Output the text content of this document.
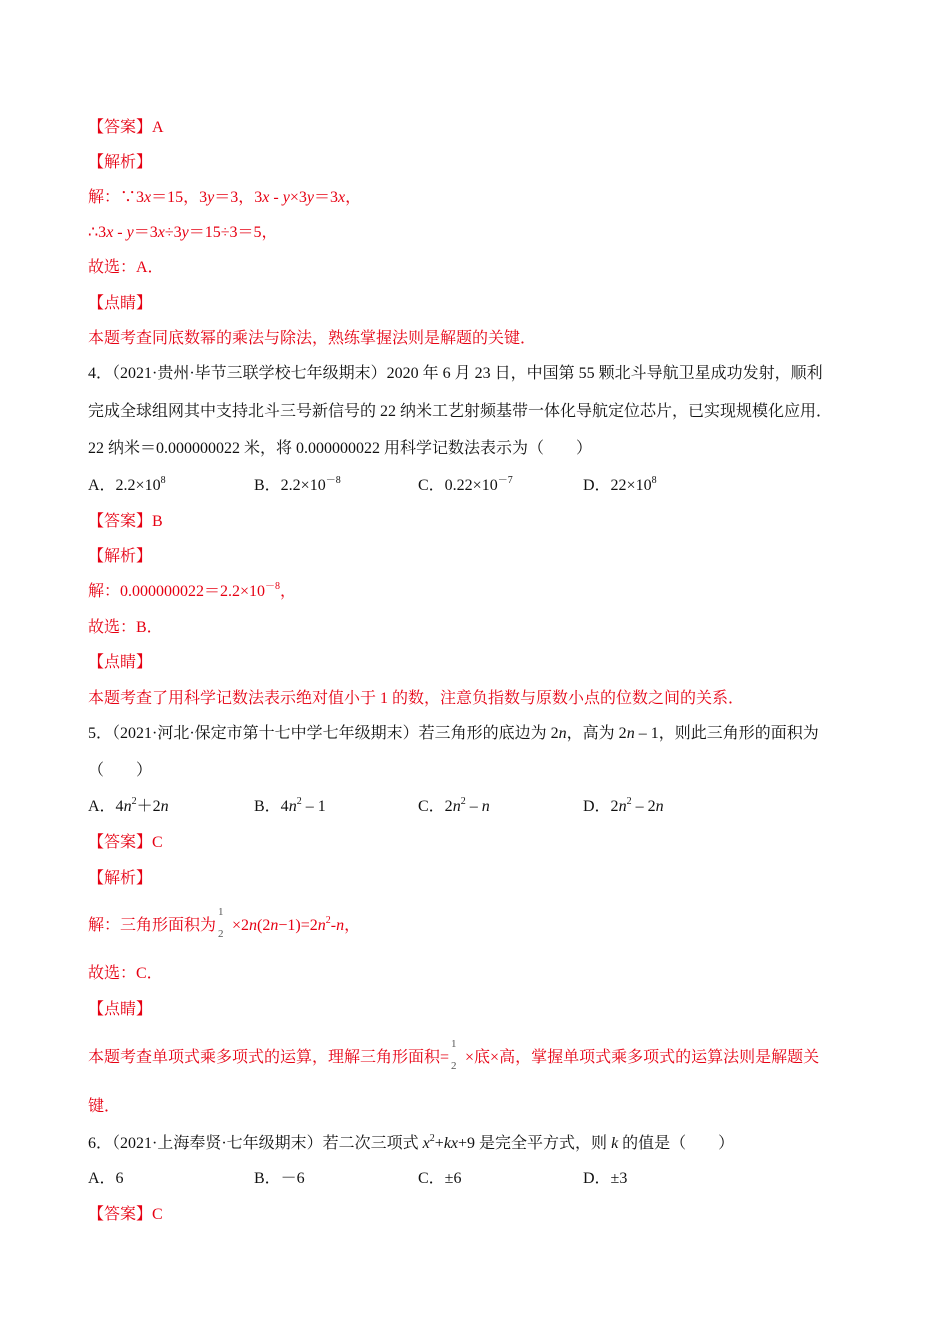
【答案】A
【解析】
解：∵3x＝15，3y＝3，3x - y×3y＝3x，
∴3x - y＝3x÷3y＝15÷3＝5，
故选：A．
【点睛】
本题考查同底数幂的乘法与除法，熟练掌握法则是解题的关键．
4．（2021·贵州·毕节三联学校七年级期末）2020 年 6 月 23 日，中国第 55 颗北斗导航卫星成功发射，顺利
完成全球组网其中支持北斗三号新信号的 22 纳米工艺射频基带一体化导航定位芯片，已实现规模化应用．
22 纳米＝0.000000022 米，将 0.000000022 用科学记数法表示为（　　）
A．$2.2\times 10^8$	B．$2.2\times 10^{-8}$	C．$0.22\times 10^{-7}$	D．$22\times 10^8$
【答案】B
【解析】
解：$0.000000022=2.2\times 10^{-8}$，
故选：B．
【点睛】
本题考查了用科学记数法表示绝对值小于 1 的数，注意负指数与原数小点的位数之间的关系．
5．（2021·河北·保定市第十七中学七年级期末）若三角形的底边为 2n，高为 2n – 1，则此三角形的面积为
（　　）
A．$4n^2+2n$	B．$4n^2 - 1$	C．$2n^2$ – n	D．$2n^2 - 2n$
【答案】C
【解析】
解：三角形面积为
1
2
$\times 2n(2n-1)=2n^2-n$，
故选：C．
【点睛】
本题考查单项式乘多项式的运算，理解三角形面积=
1
2
×底×高，掌握单项式乘多项式的运算法则是解题关
键．
6．（2021·上海奉贤·七年级期末）若二次三项式 $x^2+kx+9$ 是完全平方式，则 k 的值是（　　）
A．6	B．－6	C．±6	D．±3
【答案】C
